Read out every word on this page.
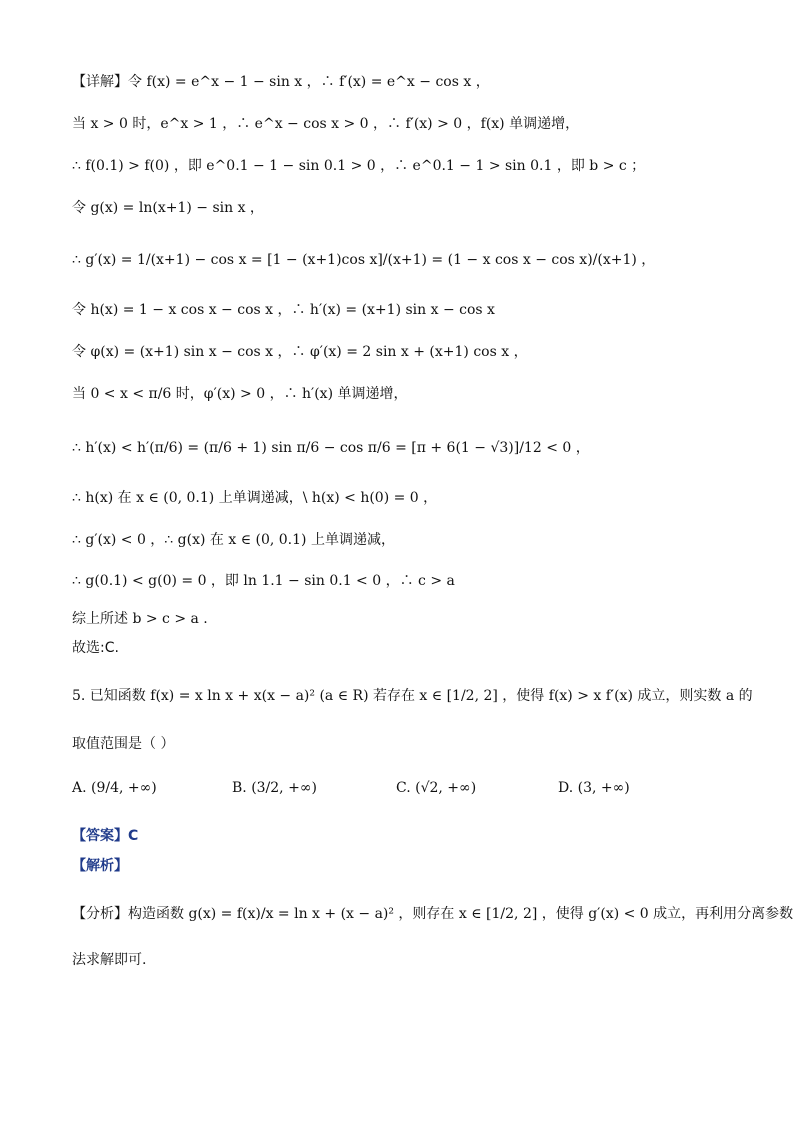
【详解】令 f(x) = e^x − 1 − sin x ，∴ f′(x) = e^x − cos x ，
当 x > 0 时，e^x > 1 ，∴ e^x − cos x > 0 ，∴ f′(x) > 0 ，f(x) 单调递增，
∴ f(0.1) > f(0) ，即 e^0.1 − 1 − sin 0.1 > 0 ，∴ e^0.1 − 1 > sin 0.1 ，即 b > c ；
令 g(x) = ln(x+1) − sin x ，
∴ g′(x) = 1/(x+1) − cos x = [1 − (x+1)cos x]/(x+1) = (1 − x cos x − cos x)/(x+1) ，
令 h(x) = 1 − x cos x − cos x ，∴ h′(x) = (x+1) sin x − cos x
令 φ(x) = (x+1) sin x − cos x ，∴ φ′(x) = 2 sin x + (x+1) cos x ，
当 0 < x < π/6 时，φ′(x) > 0 ，∴ h′(x) 单调递增，
∴ h′(x) < h′(π/6) = (π/6 + 1) sin π/6 − cos π/6 = [π + 6(1 − √3)]/12 < 0 ，
∴ h(x) 在 x ∈ (0, 0.1) 上单调递减，\ h(x) < h(0) = 0 ，
∴ g′(x) < 0 ，∴ g(x) 在 x ∈ (0, 0.1) 上单调递减，
∴ g(0.1) < g(0) = 0 ，即 ln 1.1 − sin 0.1 < 0 ，∴ c > a
综上所述 b > c > a .
故选:C.
5. 已知函数 f(x) = x ln x + x(x − a)² (a ∈ R) 若存在 x ∈ [1/2, 2] ，使得 f(x) > x f′(x) 成立，则实数 a 的
取值范围是（ ）
A. (9/4, +∞)	B. (3/2, +∞)	C. (√2, +∞)	D. (3, +∞)
【答案】C
【解析】
【分析】构造函数 g(x) = f(x)/x = ln x + (x − a)² ，则存在 x ∈ [1/2, 2] ，使得 g′(x) < 0 成立，再利用分离参数
法求解即可.
